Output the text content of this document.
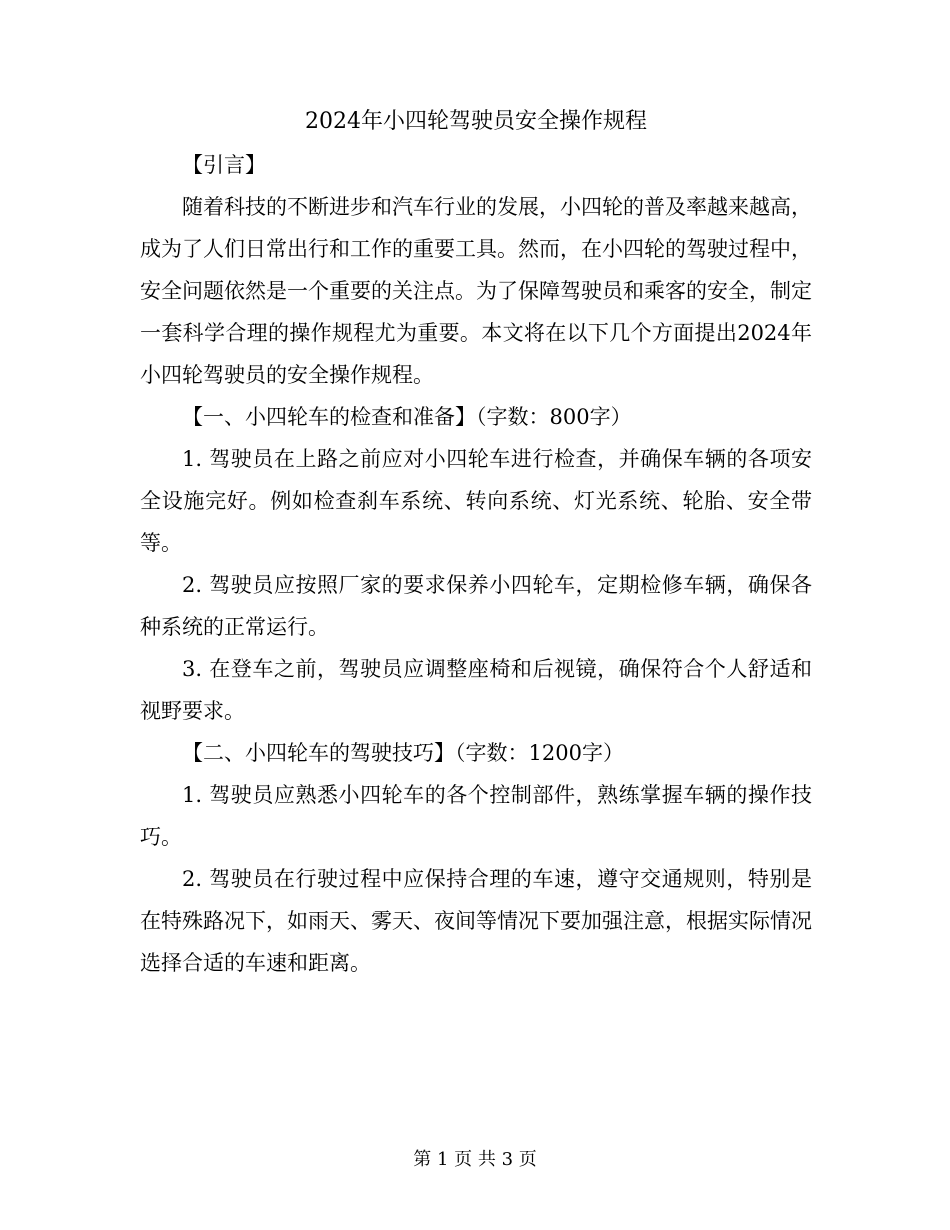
2024年小四轮驾驶员安全操作规程

【引言】

随着科技的不断进步和汽车行业的发展，小四轮的普及率越来越高，成为了人们日常出行和工作的重要工具。然而，在小四轮的驾驶过程中，安全问题依然是一个重要的关注点。为了保障驾驶员和乘客的安全，制定一套科学合理的操作规程尤为重要。本文将在以下几个方面提出2024年小四轮驾驶员的安全操作规程。

【一、小四轮车的检查和准备】（字数：800字）

1. 驾驶员在上路之前应对小四轮车进行检查，并确保车辆的各项安全设施完好。例如检查刹车系统、转向系统、灯光系统、轮胎、安全带等。

2. 驾驶员应按照厂家的要求保养小四轮车，定期检修车辆，确保各种系统的正常运行。

3. 在登车之前，驾驶员应调整座椅和后视镜，确保符合个人舒适和视野要求。

【二、小四轮车的驾驶技巧】（字数：1200字）

1. 驾驶员应熟悉小四轮车的各个控制部件，熟练掌握车辆的操作技巧。

2. 驾驶员在行驶过程中应保持合理的车速，遵守交通规则，特别是在特殊路况下，如雨天、雾天、夜间等情况下要加强注意，根据实际情况选择合适的车速和距离。

第 1 页 共 3 页
